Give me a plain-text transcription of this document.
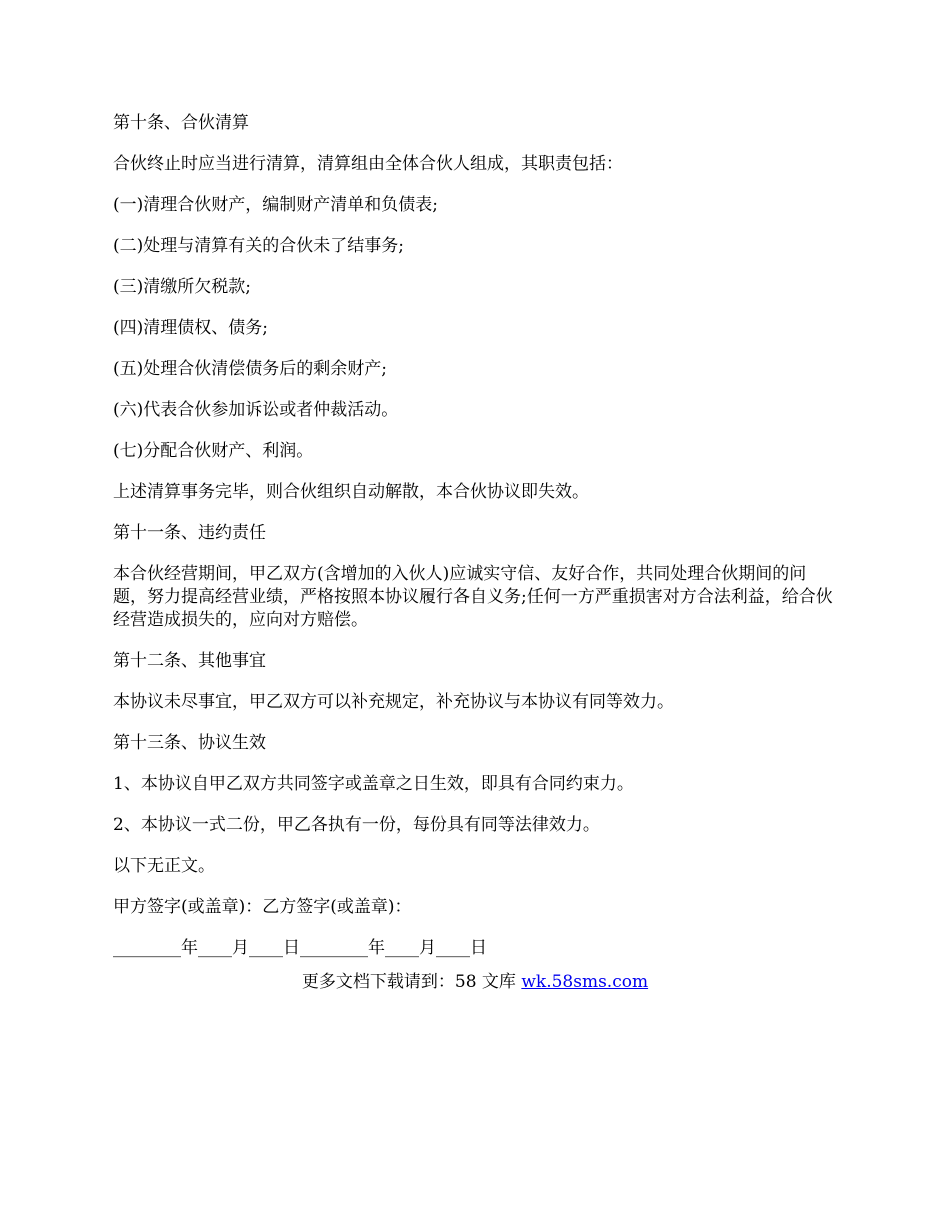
第十条、合伙清算

合伙终止时应当进行清算，清算组由全体合伙人组成，其职责包括：

(一)清理合伙财产，编制财产清单和负债表;

(二)处理与清算有关的合伙未了结事务;

(三)清缴所欠税款;

(四)清理债权、债务;

(五)处理合伙清偿债务后的剩余财产;

(六)代表合伙参加诉讼或者仲裁活动。

(七)分配合伙财产、利润。

上述清算事务完毕，则合伙组织自动解散，本合伙协议即失效。

第十一条、违约责任

本合伙经营期间，甲乙双方(含增加的入伙人)应诚实守信、友好合作，共同处理合伙期间的问题，努力提高经营业绩，严格按照本协议履行各自义务;任何一方严重损害对方合法利益，给合伙经营造成损失的，应向对方赔偿。

第十二条、其他事宜

本协议未尽事宜，甲乙双方可以补充规定，补充协议与本协议有同等效力。

第十三条、协议生效

1、本协议自甲乙双方共同签字或盖章之日生效，即具有合同约束力。

2、本协议一式二份，甲乙各执有一份，每份具有同等法律效力。

以下无正文。

甲方签字(或盖章)：乙方签字(或盖章)：

________年____月____日________年____月____日

更多文档下载请到：58 文库 wk.58sms.com
